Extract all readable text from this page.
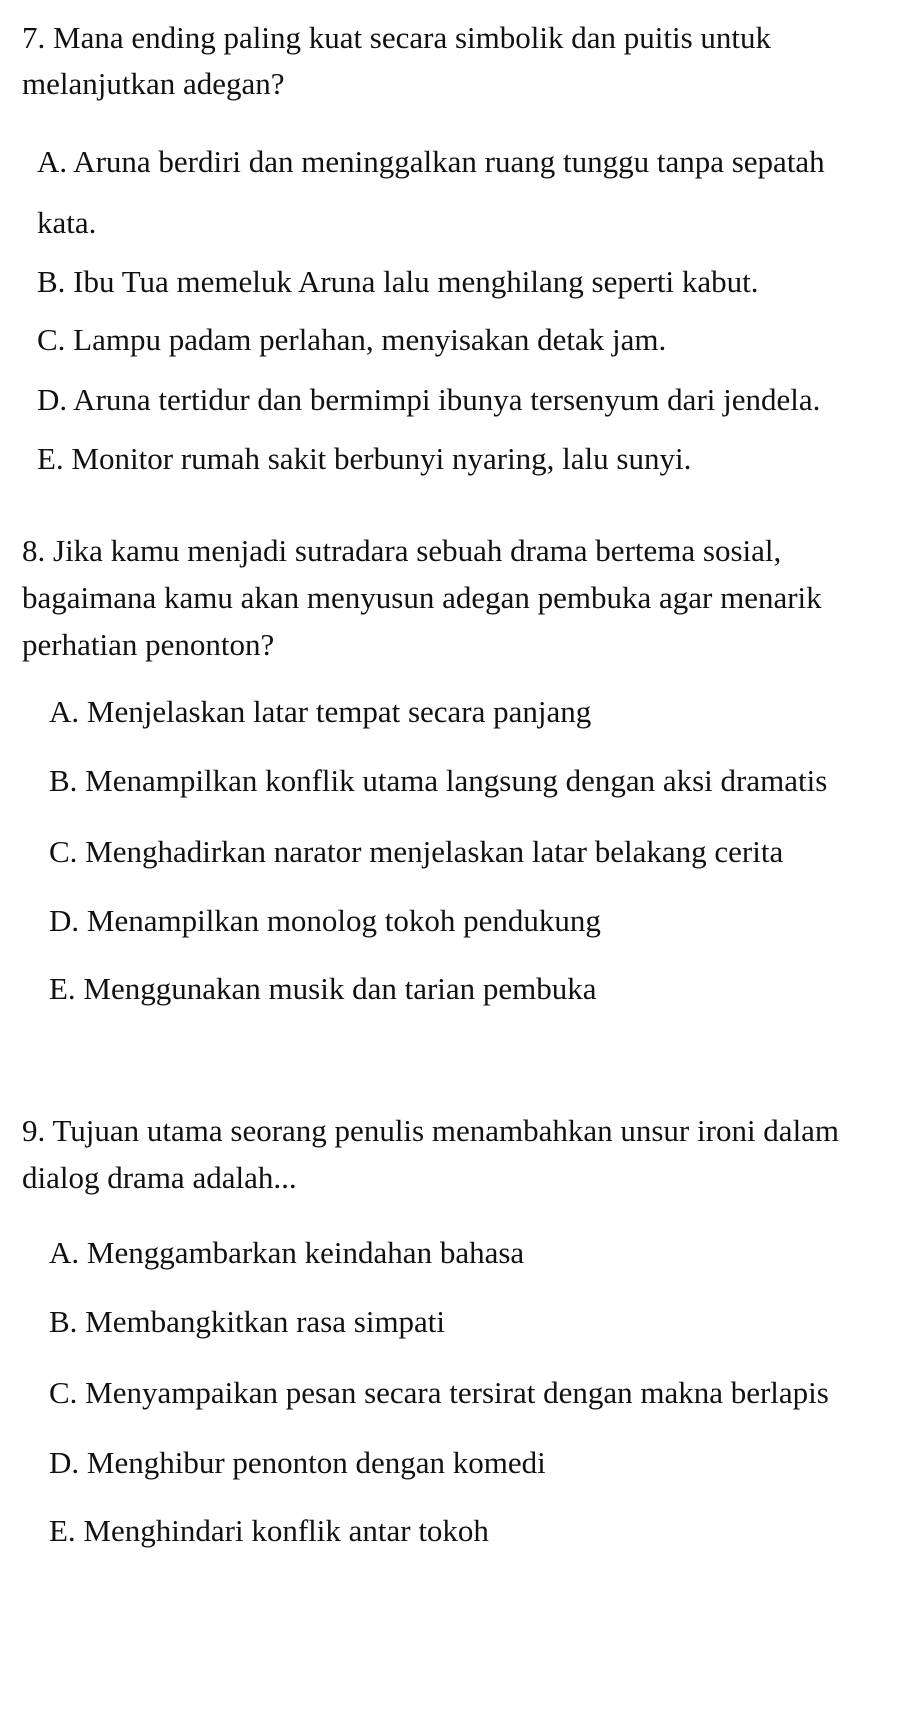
7. Mana ending paling kuat secara simbolik dan puitis untuk
melanjutkan adegan?
A. Aruna berdiri dan meninggalkan ruang tunggu tanpa sepatah
kata.
B. Ibu Tua memeluk Aruna lalu menghilang seperti kabut.
C. Lampu padam perlahan, menyisakan detak jam.
D. Aruna tertidur dan bermimpi ibunya tersenyum dari jendela.
E. Monitor rumah sakit berbunyi nyaring, lalu sunyi.
8. Jika kamu menjadi sutradara sebuah drama bertema sosial,
bagaimana kamu akan menyusun adegan pembuka agar menarik
perhatian penonton?
A. Menjelaskan latar tempat secara panjang
B. Menampilkan konflik utama langsung dengan aksi dramatis
C. Menghadirkan narator menjelaskan latar belakang cerita
D. Menampilkan monolog tokoh pendukung
E. Menggunakan musik dan tarian pembuka
9. Tujuan utama seorang penulis menambahkan unsur ironi dalam
dialog drama adalah...
A. Menggambarkan keindahan bahasa
B. Membangkitkan rasa simpati
C. Menyampaikan pesan secara tersirat dengan makna berlapis
D. Menghibur penonton dengan komedi
E. Menghindari konflik antar tokoh
